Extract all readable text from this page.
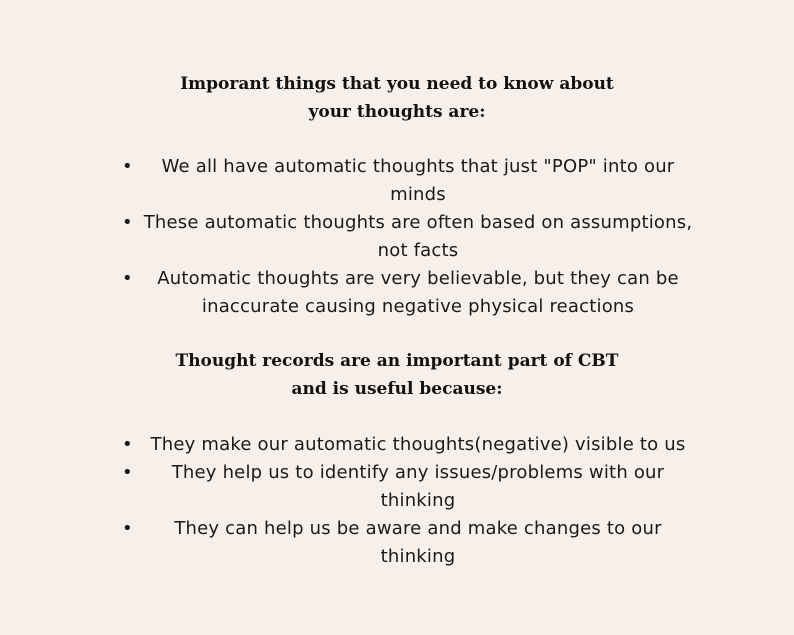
Imporant things that you need to know about
your thoughts are:
• We all have automatic thoughts that just "POP" into our minds
• These automatic thoughts are often based on assumptions, not facts
• Automatic thoughts are very believable, but they can be inaccurate causing negative physical reactions
Thought records are an important part of CBT
and is useful because:
• They make our automatic thoughts(negative) visible to us
• They help us to identify any issues/problems with our thinking
• They can help us be aware and make changes to our thinking
